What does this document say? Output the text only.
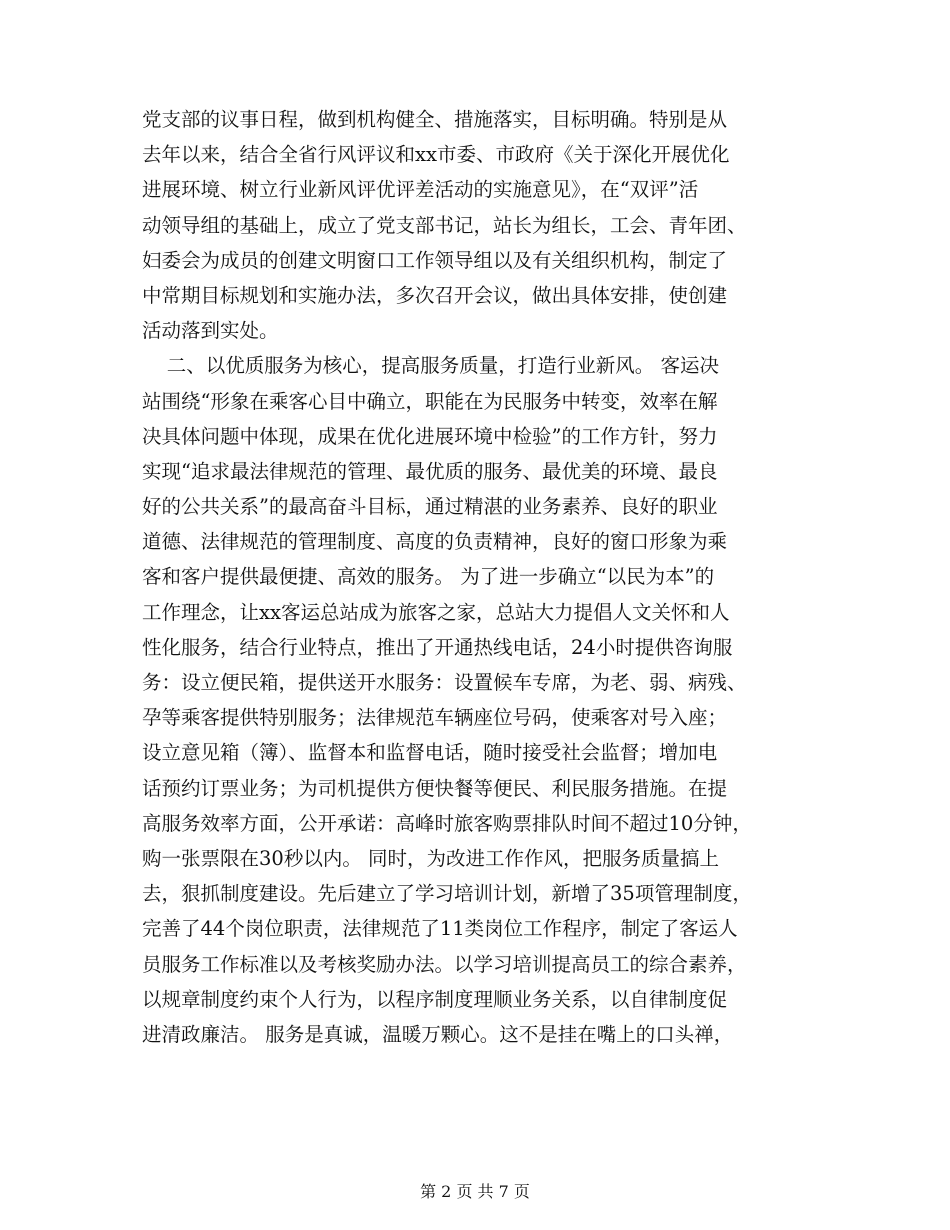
党支部的议事日程，做到机构健全、措施落实，目标明确。特别是从
去年以来，结合全省行风评议和xx市委、市政府《关于深化开展优化
进展环境、树立行业新风评优评差活动的实施意见》，在“双评”活
动领导组的基础上，成立了党支部书记，站长为组长，工会、青年团、
妇委会为成员的创建文明窗口工作领导组以及有关组织机构，制定了
中常期目标规划和实施办法，多次召开会议，做出具体安排，使创建
活动落到实处。
二、以优质服务为核心，提高服务质量，打造行业新风。 客运决
站围绕“形象在乘客心目中确立，职能在为民服务中转变，效率在解
决具体问题中体现，成果在优化进展环境中检验”的工作方针，努力
实现“追求最法律规范的管理、最优质的服务、最优美的环境、最良
好的公共关系”的最高奋斗目标，通过精湛的业务素养、良好的职业
道德、法律规范的管理制度、高度的负责精神，良好的窗口形象为乘
客和客户提供最便捷、高效的服务。 为了进一步确立“以民为本”的
工作理念，让xx客运总站成为旅客之家，总站大力提倡人文关怀和人
性化服务，结合行业特点，推出了开通热线电话，24小时提供咨询服
务：设立便民箱，提供送开水服务：设置候车专席，为老、弱、病残、
孕等乘客提供特别服务；法律规范车辆座位号码，使乘客对号入座；
设立意见箱（簿）、监督本和监督电话，随时接受社会监督；增加电
话预约订票业务；为司机提供方便快餐等便民、利民服务措施。在提
高服务效率方面，公开承诺：高峰时旅客购票排队时间不超过10分钟，
购一张票限在30秒以内。 同时，为改进工作作风，把服务质量搞上
去，狠抓制度建设。先后建立了学习培训计划，新增了35项管理制度，
完善了44个岗位职责，法律规范了11类岗位工作程序，制定了客运人
员服务工作标准以及考核奖励办法。以学习培训提高员工的综合素养，
以规章制度约束个人行为，以程序制度理顺业务关系，以自律制度促
进清政廉洁。 服务是真诚，温暖万颗心。这不是挂在嘴上的口头禅，
第 2 页 共 7 页
